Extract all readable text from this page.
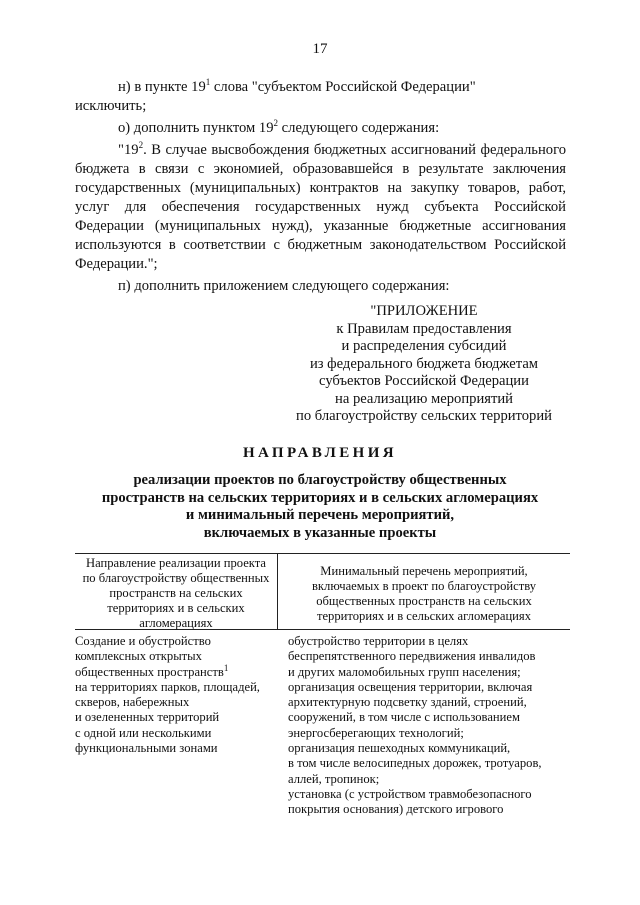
17
н) в пункте $19^1$ слова "субъектом Российской Федерации"
исключить;
о) дополнить пунктом $19^2$ следующего содержания:
"$19^2$. В случае высвобождения бюджетных ассигнований федерального бюджета в связи с экономией, образовавшейся в результате заключения государственных (муниципальных) контрактов на закупку товаров, работ, услуг для обеспечения государственных нужд субъекта Российской Федерации (муниципальных нужд), указанные бюджетные ассигнования используются в соответствии с бюджетным законодательством Российской Федерации.";
п) дополнить приложением следующего содержания:
"ПРИЛОЖЕНИЕ
к Правилам предоставления
и распределения субсидий
из федерального бюджета бюджетам
субъектов Российской Федерации
на реализацию мероприятий
по благоустройству сельских территорий
НАПРАВЛЕНИЯ
реализации проектов по благоустройству общественных
пространств на сельских территориях и в сельских агломерациях
и минимальный перечень мероприятий,
включаемых в указанные проекты
Направление реализации проекта
по благоустройству общественных
пространств на сельских
территориях и в сельских
агломерациях
Минимальный перечень мероприятий,
включаемых в проект по благоустройству
общественных пространств на сельских
территориях и в сельских агломерациях
Создание и обустройство
комплексных открытых
общественных пространств$^1$
на территориях парков, площадей,
скверов, набережных
и озелененных территорий
с одной или несколькими
функциональными зонами
обустройство территории в целях
беспрепятственного передвижения инвалидов
и других маломобильных групп населения;
организация освещения территории, включая
архитектурную подсветку зданий, строений,
сооружений, в том числе с использованием
энергосберегающих технологий;
организация пешеходных коммуникаций,
в том числе велосипедных дорожек, тротуаров,
аллей, тропинок;
установка (с устройством травмобезопасного
покрытия основания) детского игрового
